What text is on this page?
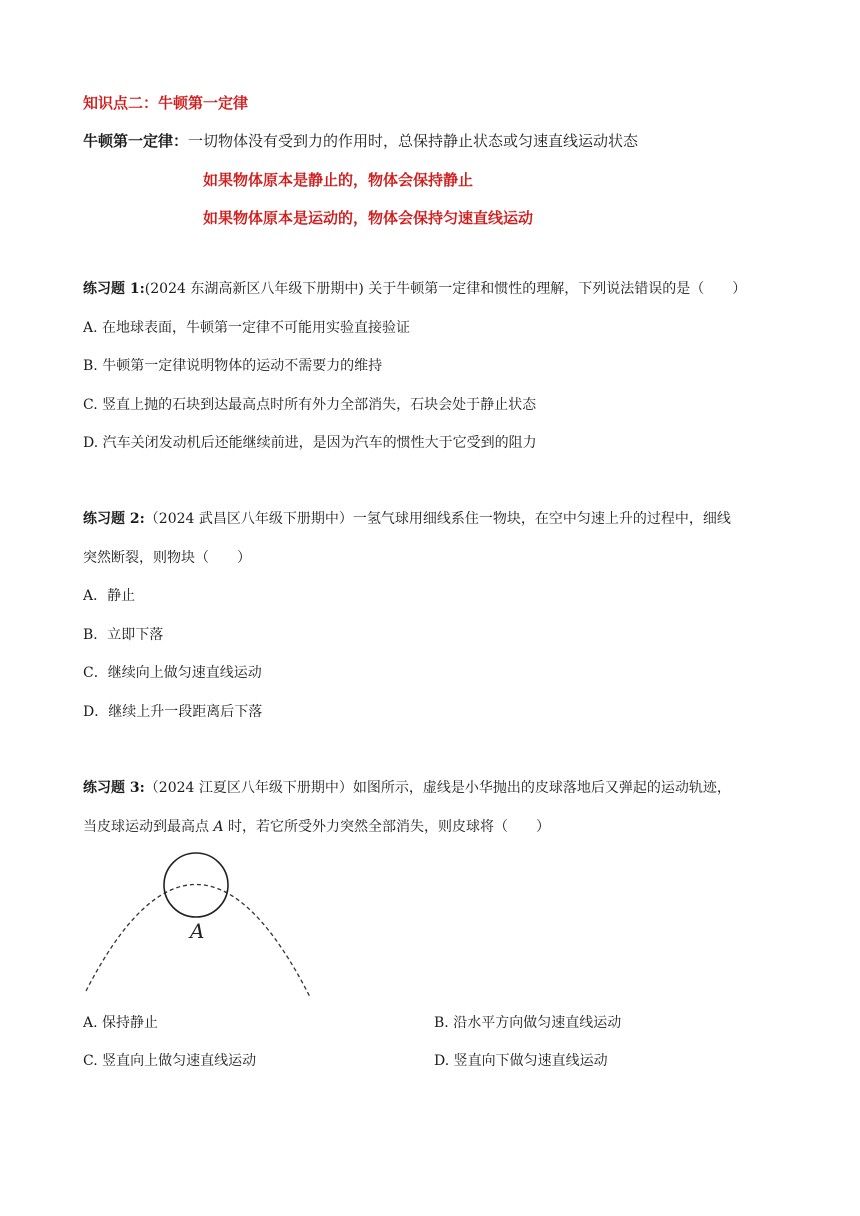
知识点二：牛顿第一定律
牛顿第一定律：一切物体没有受到力的作用时，总保持静止状态或匀速直线运动状态
如果物体原本是静止的，物体会保持静止
如果物体原本是运动的，物体会保持匀速直线运动
练习题 1:(2024 东湖高新区八年级下册期中) 关于牛顿第一定律和惯性的理解，下列说法错误的是（　　）
A. 在地球表面，牛顿第一定律不可能用实验直接验证
B. 牛顿第一定律说明物体的运动不需要力的维持
C. 竖直上抛的石块到达最高点时所有外力全部消失，石块会处于静止状态
D. 汽车关闭发动机后还能继续前进，是因为汽车的惯性大于它受到的阻力
练习题 2:（2024 武昌区八年级下册期中）一氢气球用细线系住一物块，在空中匀速上升的过程中，细线
突然断裂，则物块（　　）
A．静止
B．立即下落
C．继续向上做匀速直线运动
D．继续上升一段距离后下落
练习题 3:（2024 江夏区八年级下册期中）如图所示，虚线是小华抛出的皮球落地后又弹起的运动轨迹，
当皮球运动到最高点 A 时，若它所受外力突然全部消失，则皮球将（　　）
A
A. 保持静止	B. 沿水平方向做匀速直线运动
C. 竖直向上做匀速直线运动	D. 竖直向下做匀速直线运动
